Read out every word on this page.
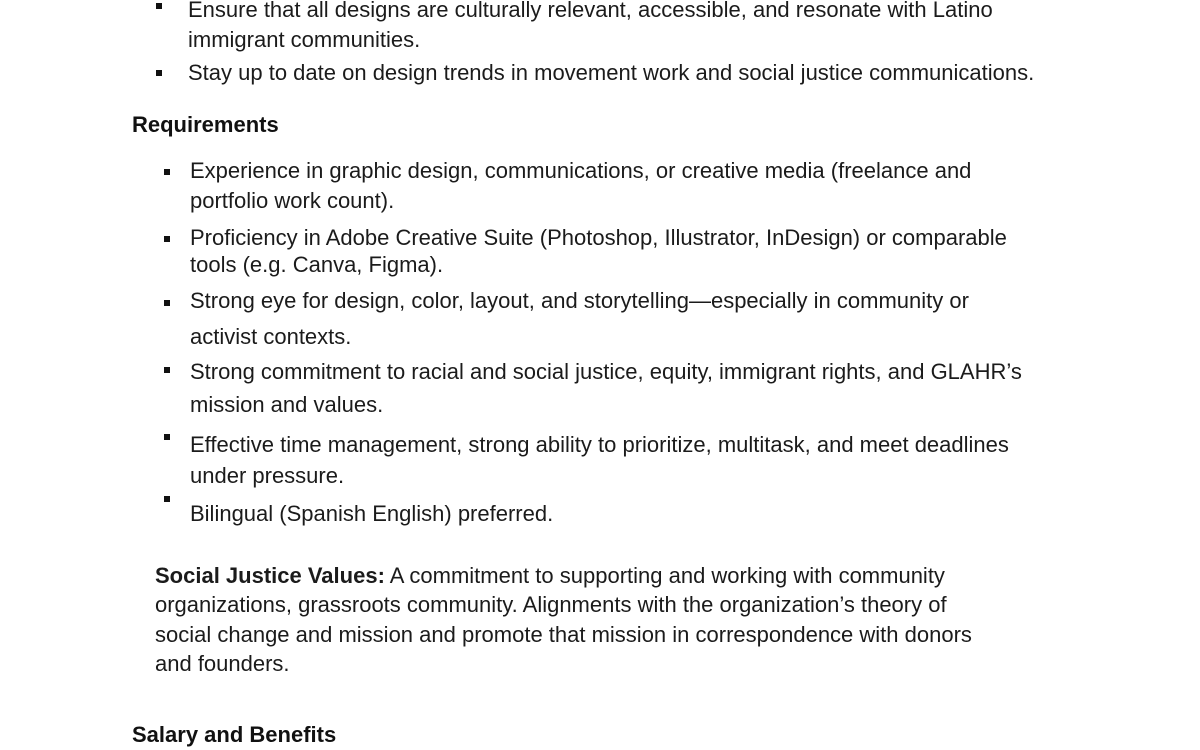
Ensure that all designs are culturally relevant, accessible, and resonate with Latino
immigrant communities.
Stay up to date on design trends in movement work and social justice communications.
Requirements
Experience in graphic design, communications, or creative media (freelance and
portfolio work count).
Proficiency in Adobe Creative Suite (Photoshop, Illustrator, InDesign) or comparable
tools (e.g. Canva, Figma).
Strong eye for design, color, layout, and storytelling—especially in community or
activist contexts.
Strong commitment to racial and social justice, equity, immigrant rights, and GLAHR’s
mission and values.
Effective time management, strong ability to prioritize, multitask, and meet deadlines
under pressure.
Bilingual (Spanish English) preferred.
Social Justice Values: A commitment to supporting and working with community
organizations, grassroots community. Alignments with the organization’s theory of
social change and mission and promote that mission in correspondence with donors
and founders.
Salary and Benefits
